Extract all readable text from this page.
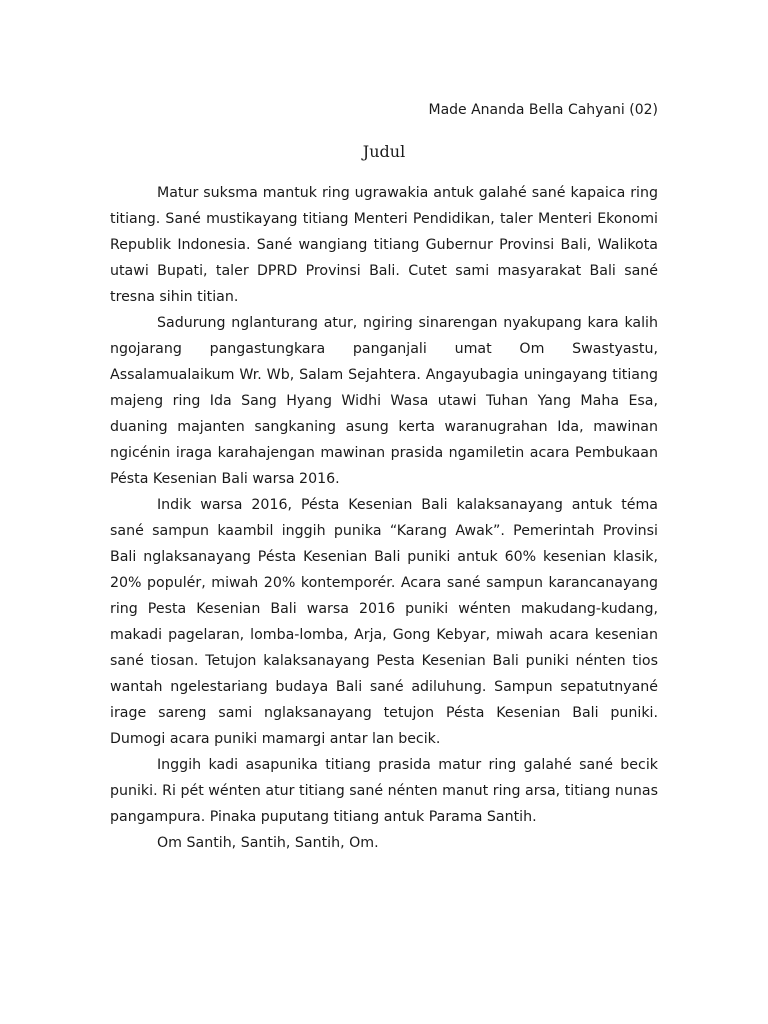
Made Ananda Bella Cahyani (02)
Judul

Matur suksma mantuk ring ugrawakia antuk galahé sané kapaica ring titiang. Sané mustikayang titiang Menteri Pendidikan, taler Menteri Ekonomi Republik Indonesia. Sané wangiang titiang Gubernur Provinsi Bali, Walikota utawi Bupati, taler DPRD Provinsi Bali. Cutet sami masyarakat Bali sané tresna sihin titian.

Sadurung nglanturang atur, ngiring sinarengan nyakupang kara kalih ngojarang pangastungkara panganjali umat Om Swastyastu, Assalamualaikum Wr. Wb, Salam Sejahtera. Angayubagia uningayang titiang majeng ring Ida Sang Hyang Widhi Wasa utawi Tuhan Yang Maha Esa, duaning majanten sangkaning asung kerta waranugrahan Ida, mawinan ngicénin iraga karahajengan mawinan prasida ngamiletin acara Pembukaan Pésta Kesenian Bali warsa 2016.

Indik warsa 2016, Pésta Kesenian Bali kalaksanayang antuk téma sané sampun kaambil inggih punika “Karang Awak”. Pemerintah Provinsi Bali nglaksanayang Pésta Kesenian Bali puniki antuk 60% kesenian klasik, 20% populér, miwah 20% kontemporér. Acara sané sampun karancanayang ring Pesta Kesenian Bali warsa 2016 puniki wénten makudang-kudang, makadi pagelaran, lomba-lomba, Arja, Gong Kebyar, miwah acara kesenian sané tiosan. Tetujon kalaksanayang Pesta Kesenian Bali puniki nénten tios wantah ngelestariang budaya Bali sané adiluhung. Sampun sepatutnyané irage sareng sami nglaksanayang tetujon Pésta Kesenian Bali puniki. Dumogi acara puniki mamargi antar lan becik.

Inggih kadi asapunika titiang prasida matur ring galahé sané becik puniki. Ri pét wénten atur titiang sané nénten manut ring arsa, titiang nunas pangampura. Pinaka puputang titiang antuk Parama Santih.

Om Santih, Santih, Santih, Om.
